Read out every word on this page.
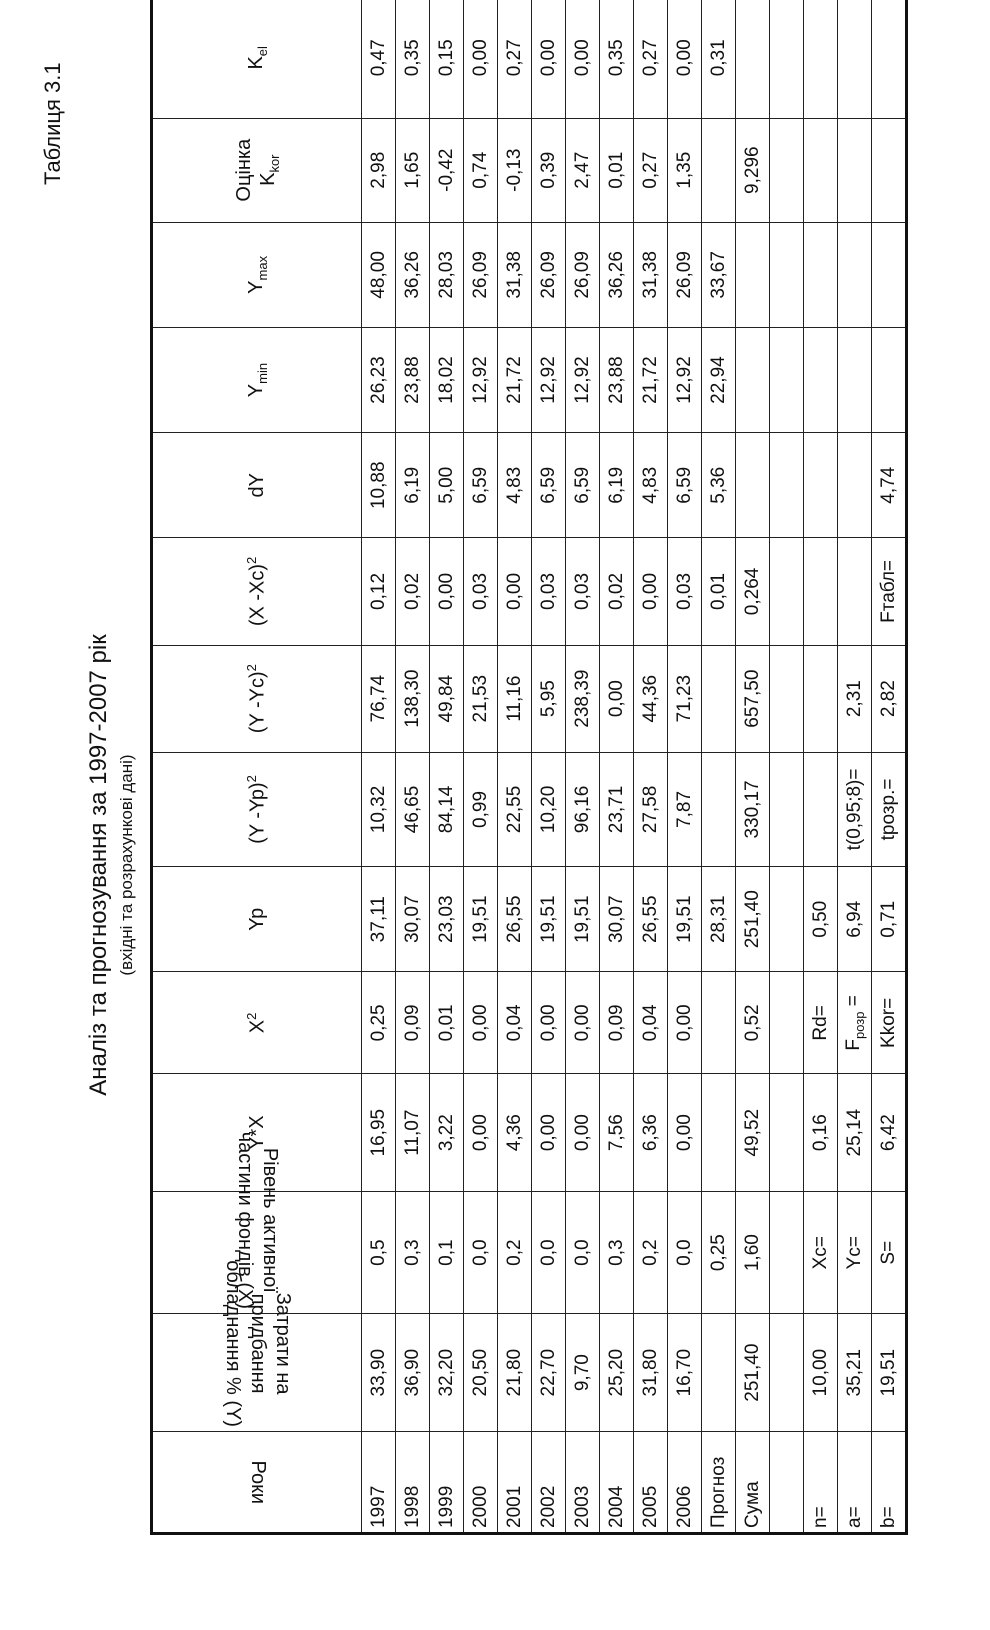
Таблиця 3.1
Аналіз та прогнозування за 1997-2007 рік (вхідні та розрахункові дані)
Роки	Затрати на
придбання
обладнання % (Y)	Рівень активної
частини фондів (X)	Y*X	$X^2$	Yp	(Y -Yp)$^2$	(Y -Yc)$^2$	(X -Xc)$^2$	dY	$Y_{min}$	$Y_{max}$	Оцінка $K_{kor}$	$K_{el}$
1997	33,90	0,5	16,95	0,25	37,11	10,32	76,74	0,12	10,88	26,23	48,00	2,98	0,47
1998	36,90	0,3	11,07	0,09	30,07	46,65	138,30	0,02	6,19	23,88	36,26	1,65	0,35
1999	32,20	0,1	3,22	0,01	23,03	84,14	49,84	0,00	5,00	18,02	28,03	-0,42	0,15
2000	20,50	0,0	0,00	0,00	19,51	0,99	21,53	0,03	6,59	12,92	26,09	0,74	0,00
2001	21,80	0,2	4,36	0,04	26,55	22,55	11,16	0,00	4,83	21,72	31,38	-0,13	0,27
2002	22,70	0,0	0,00	0,00	19,51	10,20	5,95	0,03	6,59	12,92	26,09	0,39	0,00
2003	9,70	0,0	0,00	0,00	19,51	96,16	238,39	0,03	6,59	12,92	26,09	2,47	0,00
2004	25,20	0,3	7,56	0,09	30,07	23,71	0,00	0,02	6,19	23,88	36,26	0,01	0,35
2005	31,80	0,2	6,36	0,04	26,55	27,58	44,36	0,00	4,83	21,72	31,38	0,27	0,27
2006	16,70	0,0	0,00	0,00	19,51	7,87	71,23	0,03	6,59	12,92	26,09	1,35	0,00
Прогноз		0,25			28,31			0,01	5,36	22,94	33,67		0,31
Сума	251,40	1,60	49,52	0,52	251,40	330,17	657,50	0,264				9,296	

n=	10,00	Xc=	0,16	Rd=	0,50								
a=	35,21	Yc=	25,14	$F_{розр}$ =	6,94	t(0,95;8)=	2,31						
b=	19,51	S=	6,42	Kkor=	0,71	tрозр.=	2,82	Fтабл=	4,74				
